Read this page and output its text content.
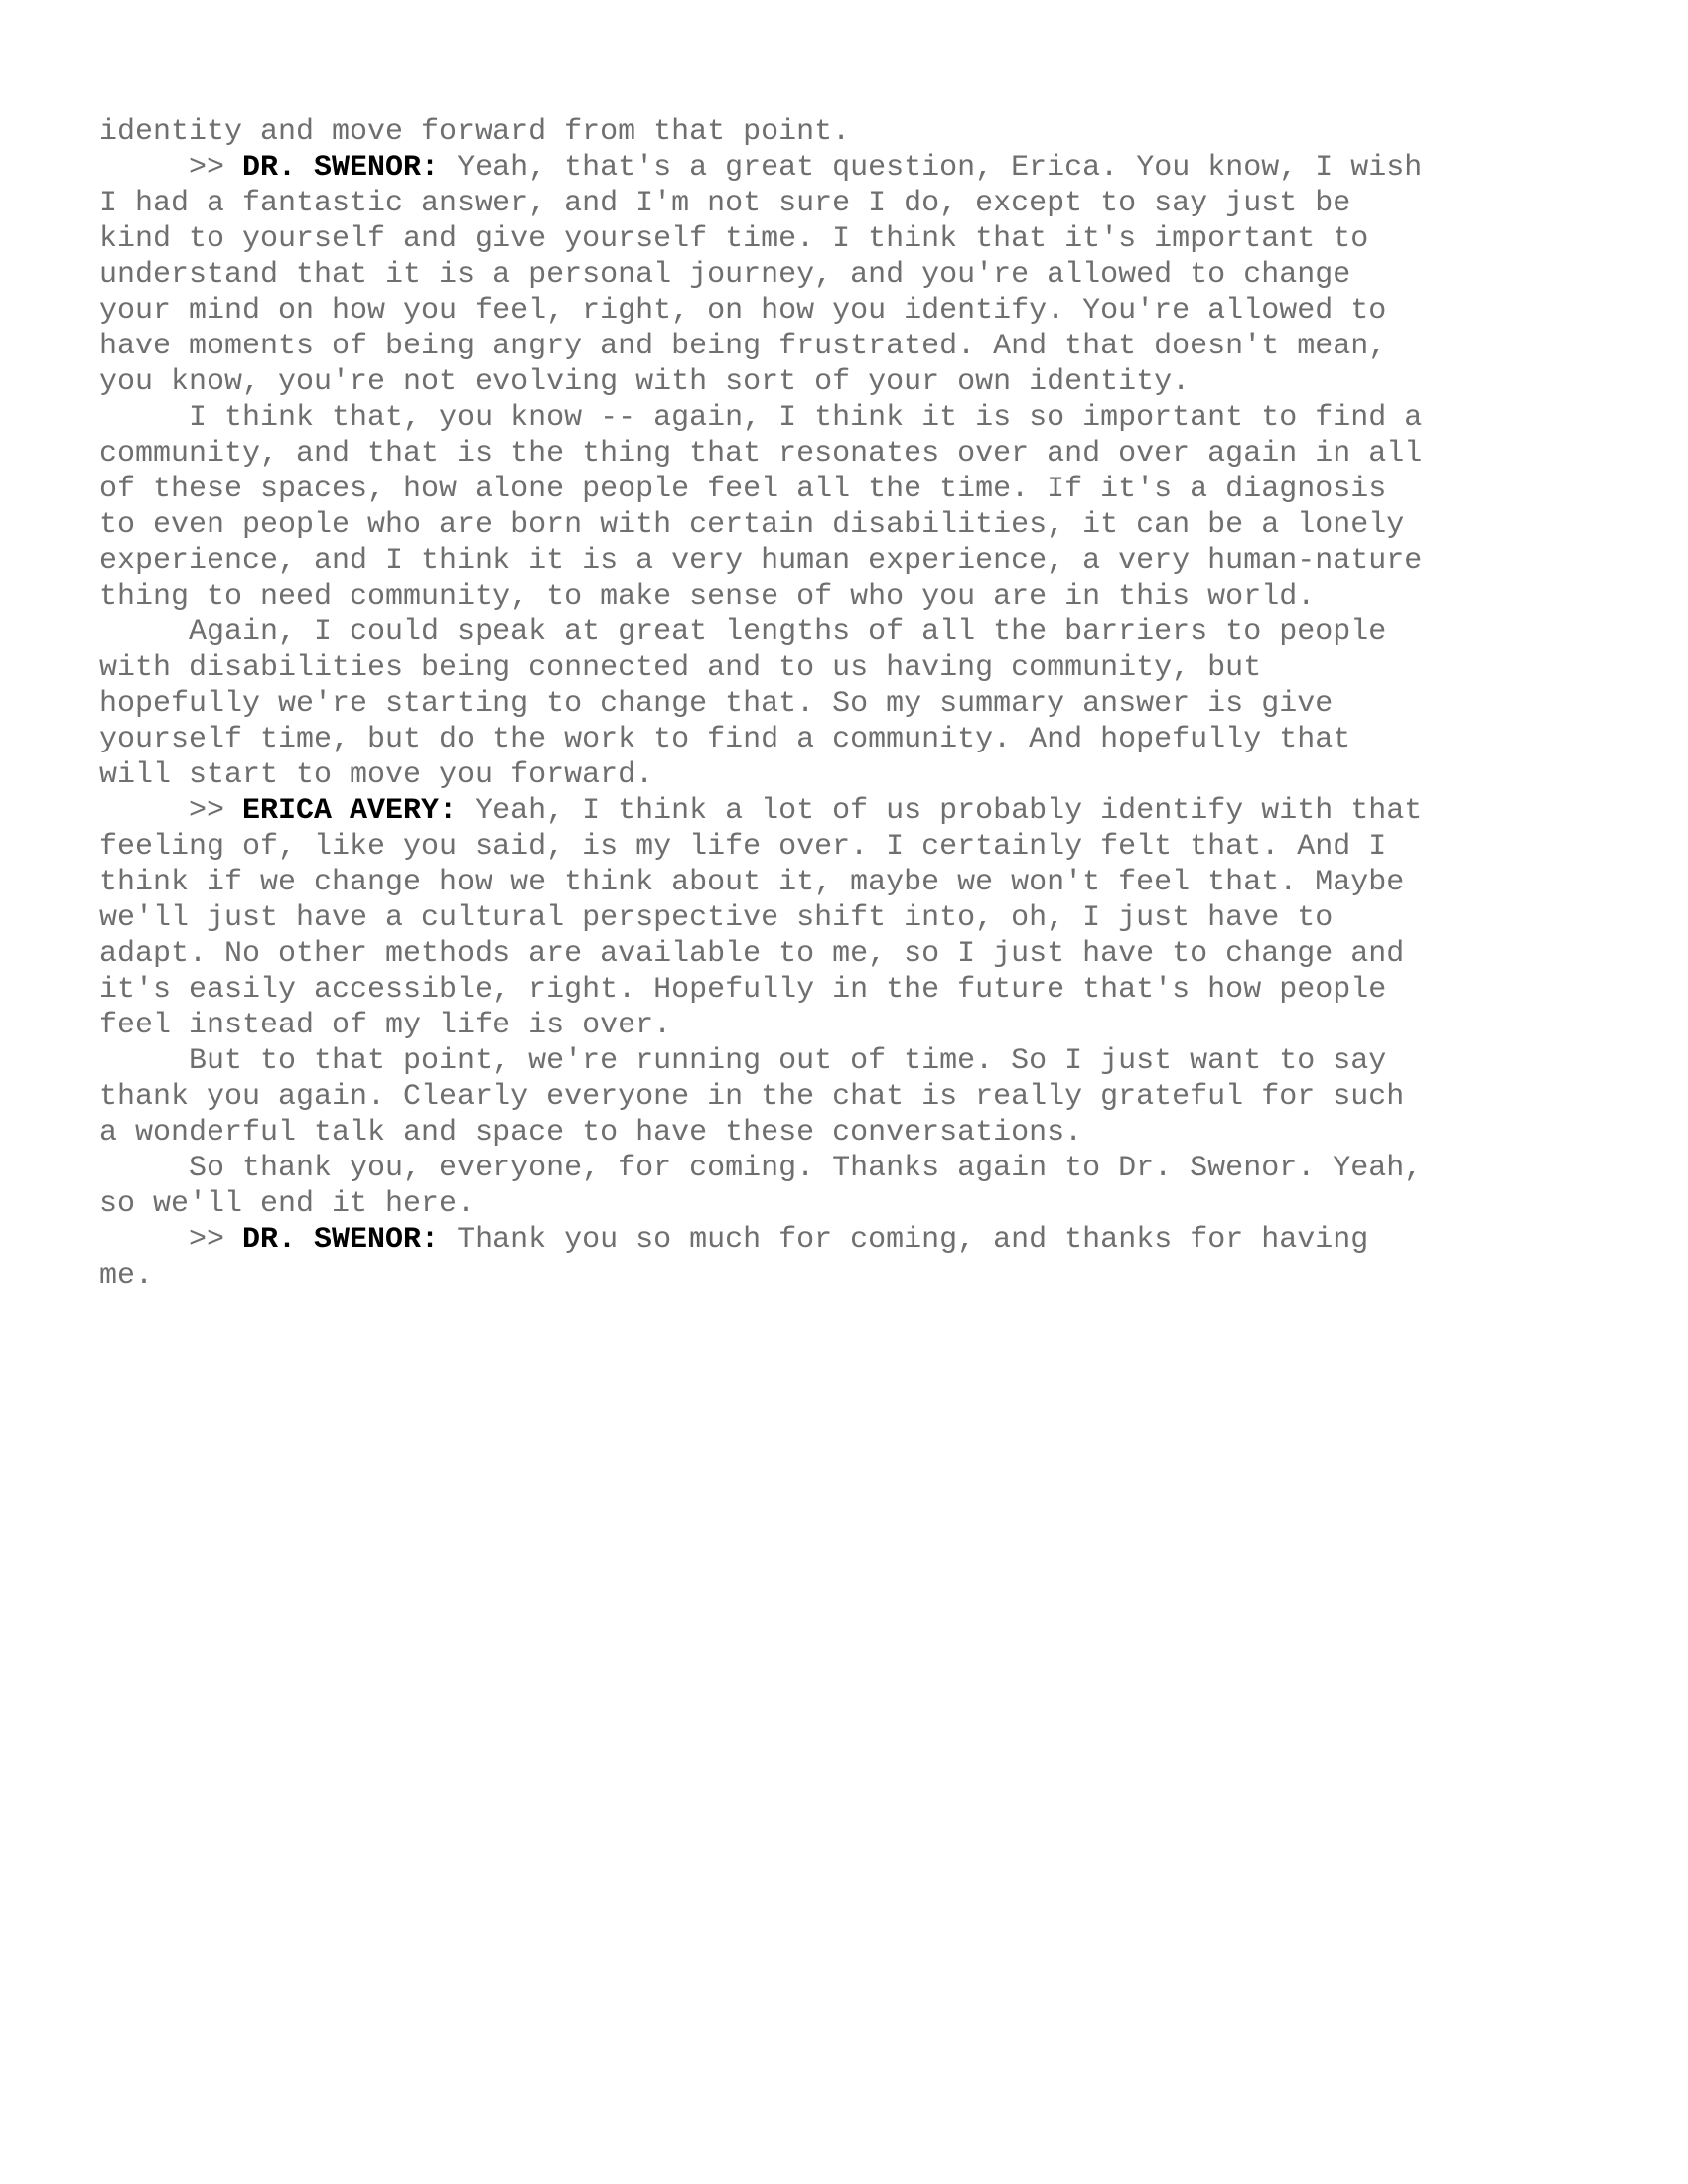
identity and move forward from that point.
>> DR. SWENOR: Yeah, that's a great question, Erica. You know, I wish
I had a fantastic answer, and I'm not sure I do, except to say just be
kind to yourself and give yourself time. I think that it's important to
understand that it is a personal journey, and you're allowed to change
your mind on how you feel, right, on how you identify. You're allowed to
have moments of being angry and being frustrated. And that doesn't mean,
you know, you're not evolving with sort of your own identity.
I think that, you know -- again, I think it is so important to find a
community, and that is the thing that resonates over and over again in all
of these spaces, how alone people feel all the time. If it's a diagnosis
to even people who are born with certain disabilities, it can be a lonely
experience, and I think it is a very human experience, a very human-nature
thing to need community, to make sense of who you are in this world.
Again, I could speak at great lengths of all the barriers to people
with disabilities being connected and to us having community, but
hopefully we're starting to change that. So my summary answer is give
yourself time, but do the work to find a community. And hopefully that
will start to move you forward.
>> ERICA AVERY: Yeah, I think a lot of us probably identify with that
feeling of, like you said, is my life over. I certainly felt that. And I
think if we change how we think about it, maybe we won't feel that. Maybe
we'll just have a cultural perspective shift into, oh, I just have to
adapt. No other methods are available to me, so I just have to change and
it's easily accessible, right. Hopefully in the future that's how people
feel instead of my life is over.
But to that point, we're running out of time. So I just want to say
thank you again. Clearly everyone in the chat is really grateful for such
a wonderful talk and space to have these conversations.
So thank you, everyone, for coming. Thanks again to Dr. Swenor. Yeah,
so we'll end it here.
>> DR. SWENOR: Thank you so much for coming, and thanks for having
me.
